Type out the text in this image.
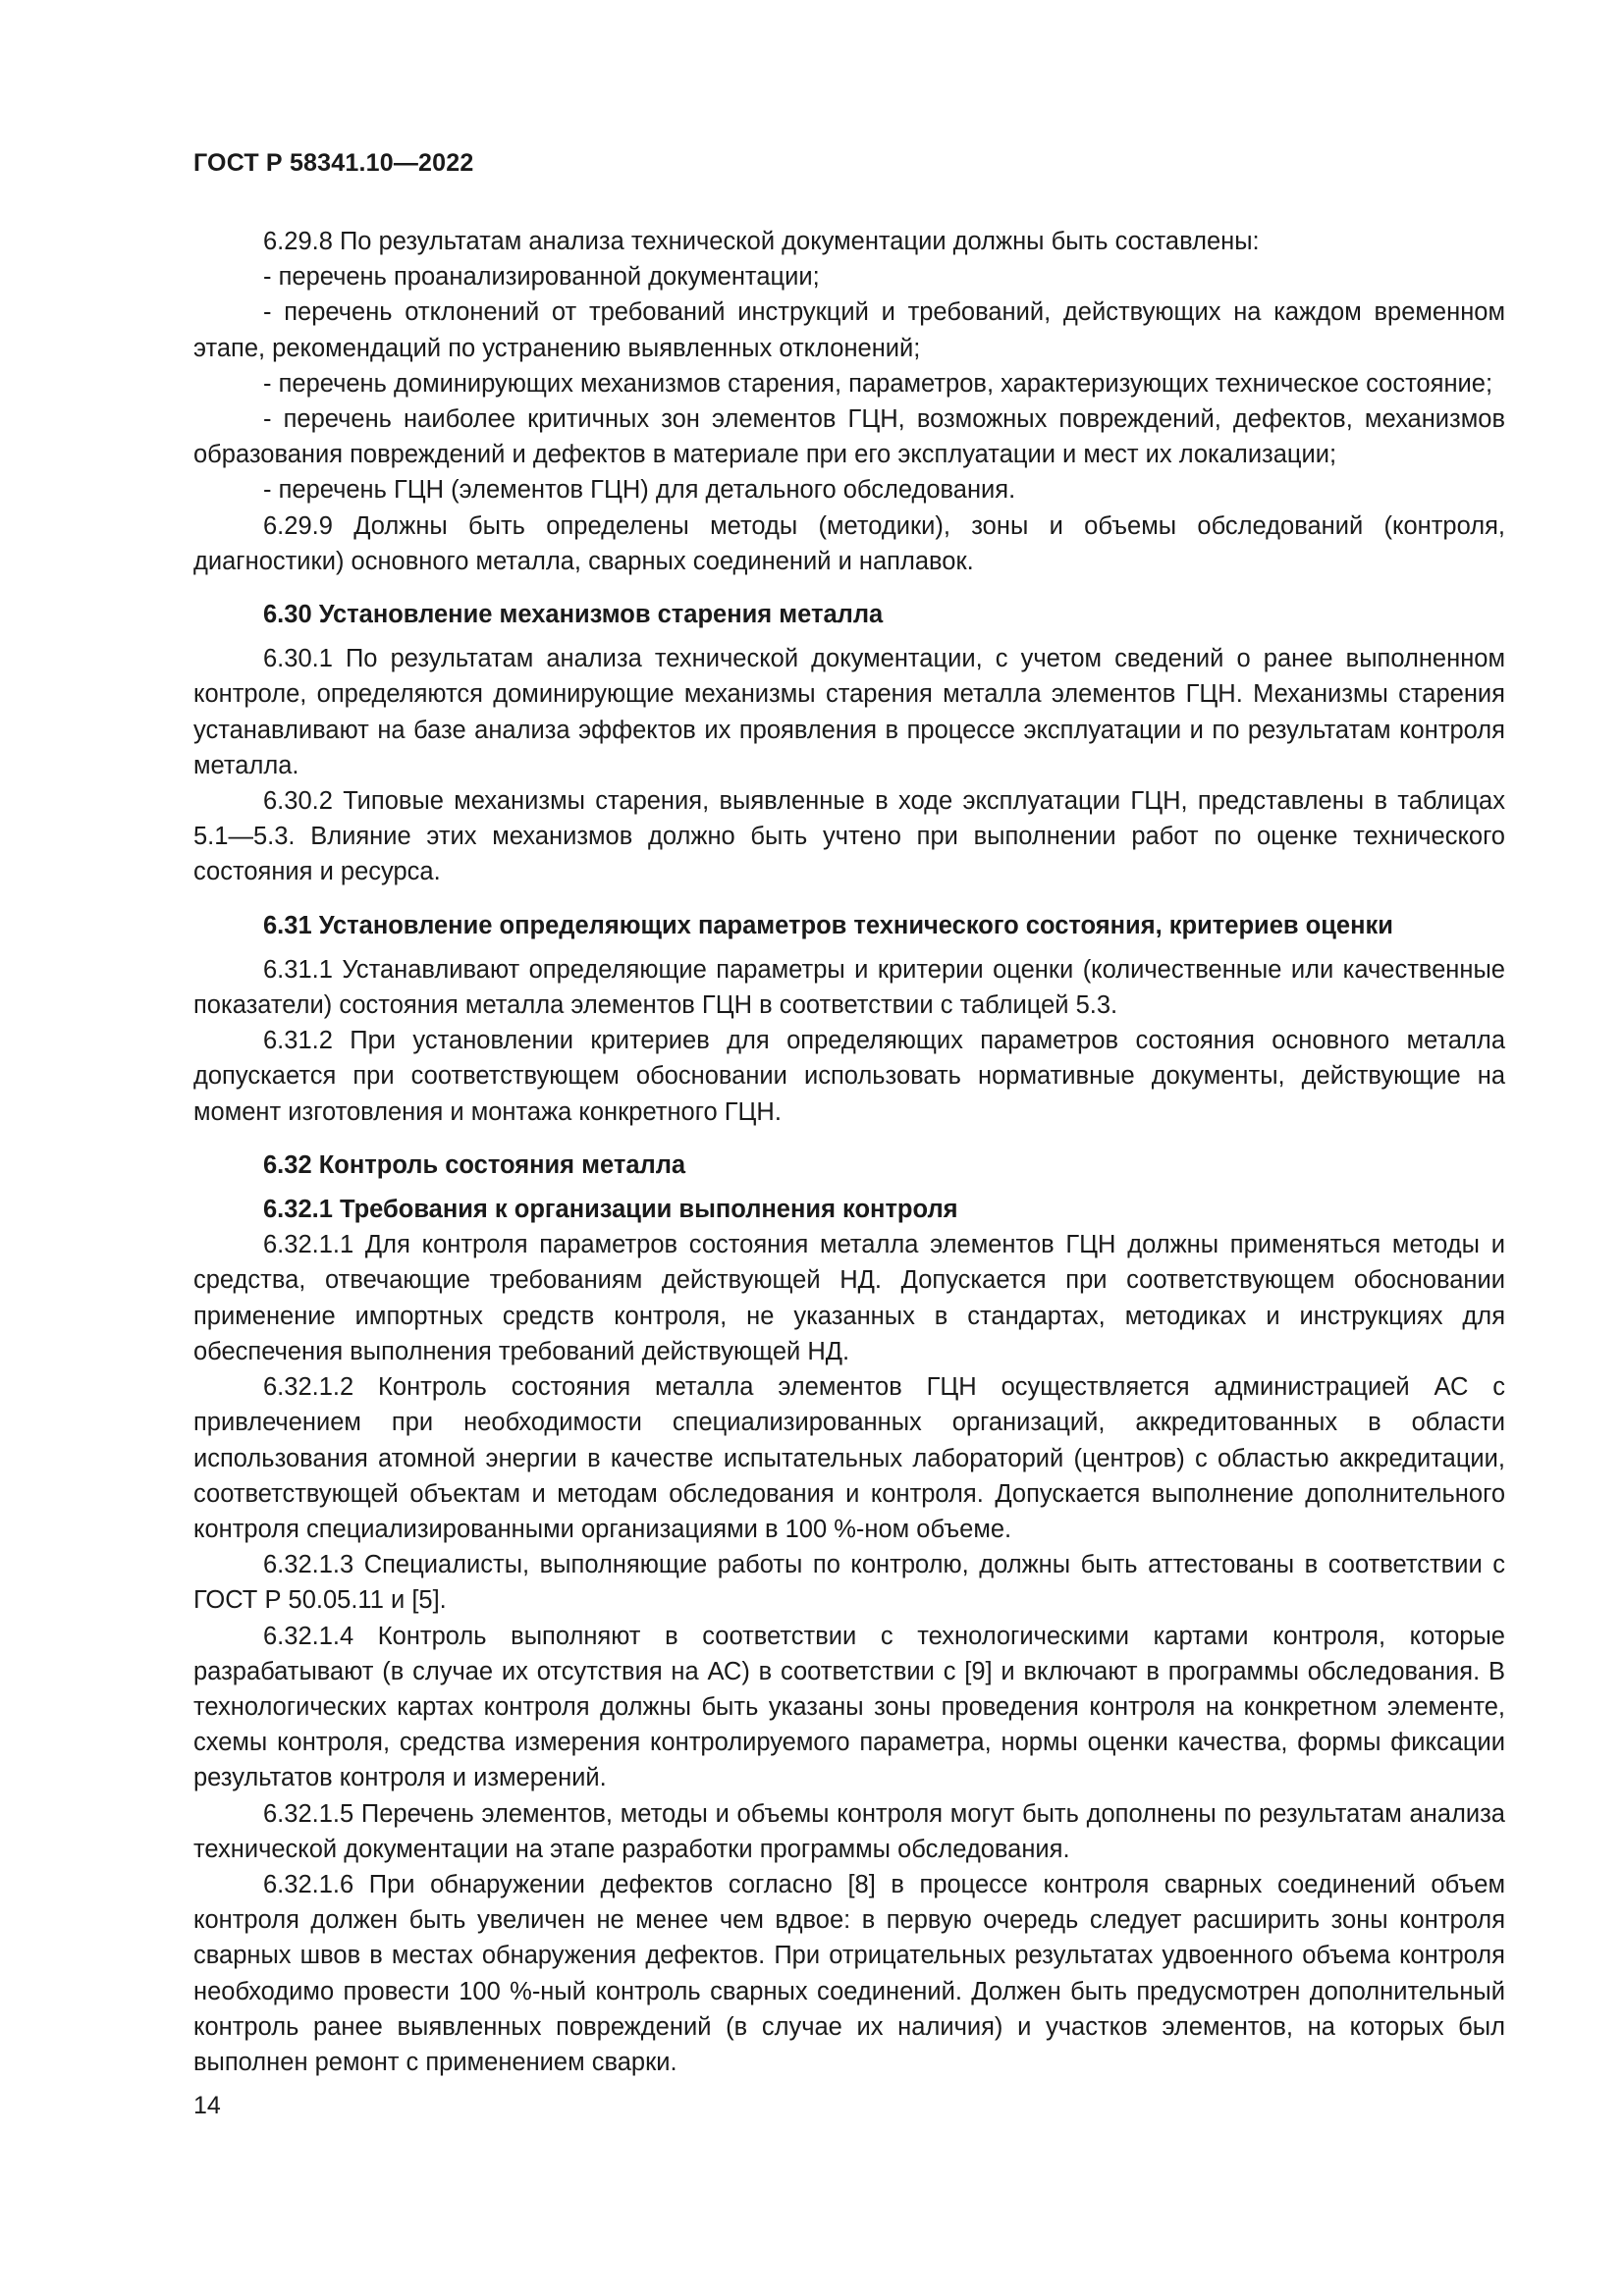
ГОСТ Р 58341.10—2022

6.29.8 По результатам анализа технической документации должны быть составлены:

- перечень проанализированной документации;

- перечень отклонений от требований инструкций и требований, действующих на каждом временном этапе, рекомендаций по устранению выявленных отклонений;

- перечень доминирующих механизмов старения, параметров, характеризующих техническое состояние;

- перечень наиболее критичных зон элементов ГЦН, возможных повреждений, дефектов, механизмов образования повреждений и дефектов в материале при его эксплуатации и мест их локализации;

- перечень ГЦН (элементов ГЦН) для детального обследования.

6.29.9 Должны быть определены методы (методики), зоны и объемы обследований (контроля, диагностики) основного металла, сварных соединений и наплавок.

6.30 Установление механизмов старения металла

6.30.1 По результатам анализа технической документации, с учетом сведений о ранее выполненном контроле, определяются доминирующие механизмы старения металла элементов ГЦН. Механизмы старения устанавливают на базе анализа эффектов их проявления в процессе эксплуатации и по результатам контроля металла.

6.30.2 Типовые механизмы старения, выявленные в ходе эксплуатации ГЦН, представлены в таблицах 5.1—5.3. Влияние этих механизмов должно быть учтено при выполнении работ по оценке технического состояния и ресурса.

6.31 Установление определяющих параметров технического состояния, критериев оценки

6.31.1 Устанавливают определяющие параметры и критерии оценки (количественные или качественные показатели) состояния металла элементов ГЦН в соответствии с таблицей 5.3.

6.31.2 При установлении критериев для определяющих параметров состояния основного металла допускается при соответствующем обосновании использовать нормативные документы, действующие на момент изготовления и монтажа конкретного ГЦН.

6.32 Контроль состояния металла
6.32.1 Требования к организации выполнения контроля

6.32.1.1 Для контроля параметров состояния металла элементов ГЦН должны применяться методы и средства, отвечающие требованиям действующей НД. Допускается при соответствующем обосновании применение импортных средств контроля, не указанных в стандартах, методиках и инструкциях для обеспечения выполнения требований действующей НД.

6.32.1.2 Контроль состояния металла элементов ГЦН осуществляется администрацией АС с привлечением при необходимости специализированных организаций, аккредитованных в области использования атомной энергии в качестве испытательных лабораторий (центров) с областью аккредитации, соответствующей объектам и методам обследования и контроля. Допускается выполнение дополнительного контроля специализированными организациями в 100 %-ном объеме.

6.32.1.3 Специалисты, выполняющие работы по контролю, должны быть аттестованы в соответствии с ГОСТ Р 50.05.11 и [5].

6.32.1.4 Контроль выполняют в соответствии с технологическими картами контроля, которые разрабатывают (в случае их отсутствия на АС) в соответствии с [9] и включают в программы обследования. В технологических картах контроля должны быть указаны зоны проведения контроля на конкретном элементе, схемы контроля, средства измерения контролируемого параметра, нормы оценки качества, формы фиксации результатов контроля и измерений.

6.32.1.5 Перечень элементов, методы и объемы контроля могут быть дополнены по результатам анализа технической документации на этапе разработки программы обследования.

6.32.1.6 При обнаружении дефектов согласно [8] в процессе контроля сварных соединений объем контроля должен быть увеличен не менее чем вдвое: в первую очередь следует расширить зоны контроля сварных швов в местах обнаружения дефектов. При отрицательных результатах удвоенного объема контроля необходимо провести 100 %-ный контроль сварных соединений. Должен быть предусмотрен дополнительный контроль ранее выявленных повреждений (в случае их наличия) и участков элементов, на которых был выполнен ремонт с применением сварки.

14
